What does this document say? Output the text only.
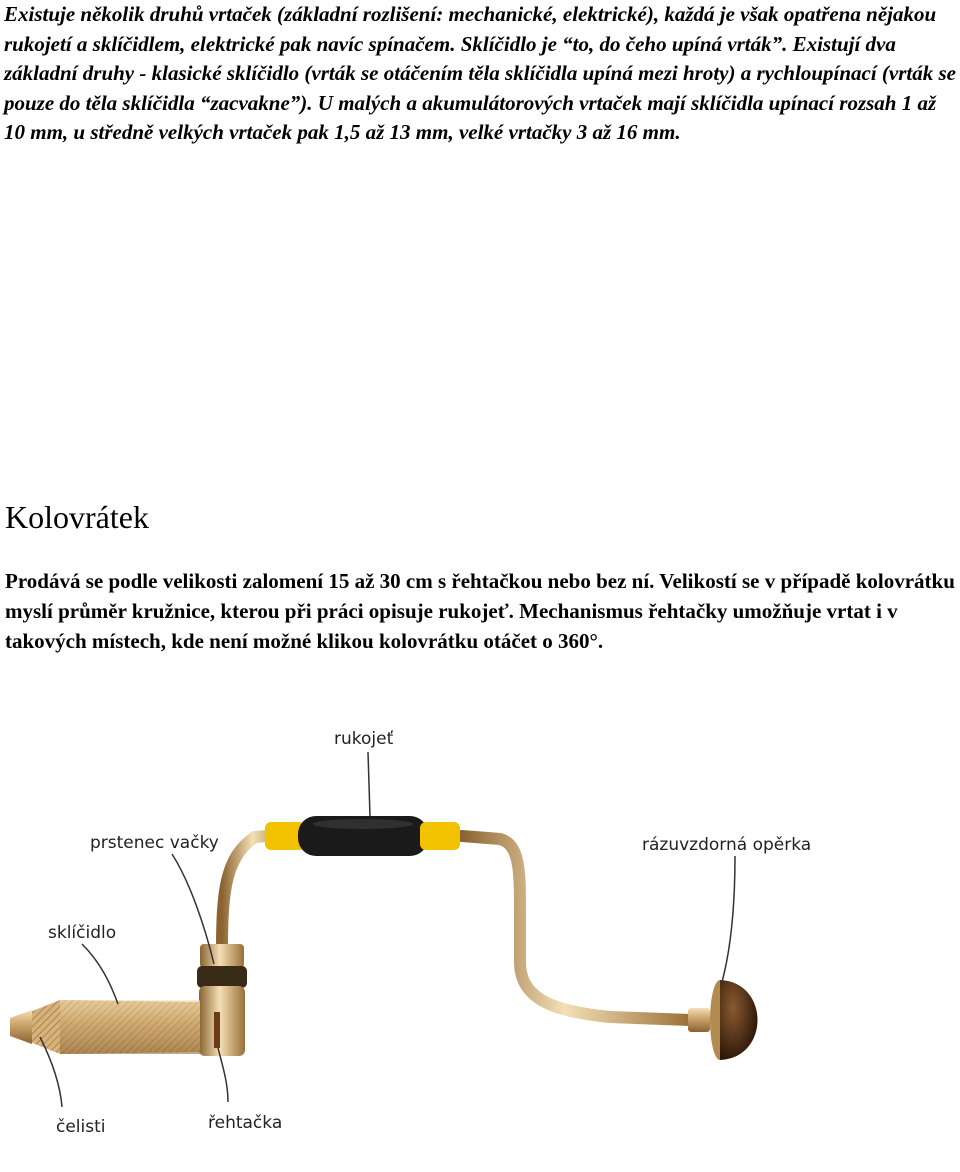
Existuje několik druhů vrtaček (základní rozlišení: mechanické, elektrické), každá je však opatřena nějakou rukojetí a sklíčidlem, elektrické pak navíc spínačem. Sklíčidlo je “to, do čeho upíná vrták”. Existují dva základní druhy - klasické sklíčidlo (vrták se otáčením těla sklíčidla upíná mezi hroty) a rychloupínací (vrták se pouze do těla sklíčidla “zacvakne”). U malých a akumulátorových vrtaček mají sklíčidla upínací rozsah 1 až 10 mm, u středně velkých vrtaček pak 1,5 až 13 mm, velké vrtačky 3 až 16 mm.

Kolovrátek

Prodává se podle velikosti zalomení 15 až 30 cm s řehtačkou nebo bez ní. Velikostí se v případě kolovrátku myslí průměr kružnice, kterou při práci opisuje rukojeť. Mechanismus řehtačky umožňuje vrtat i v takových místech, kde není možné klikou kolovrátku otáčet o 360°.

rukojeť
prstenec vačky
sklíčidlo
rázuvzdorná opěrka
čelisti	řehtačka
